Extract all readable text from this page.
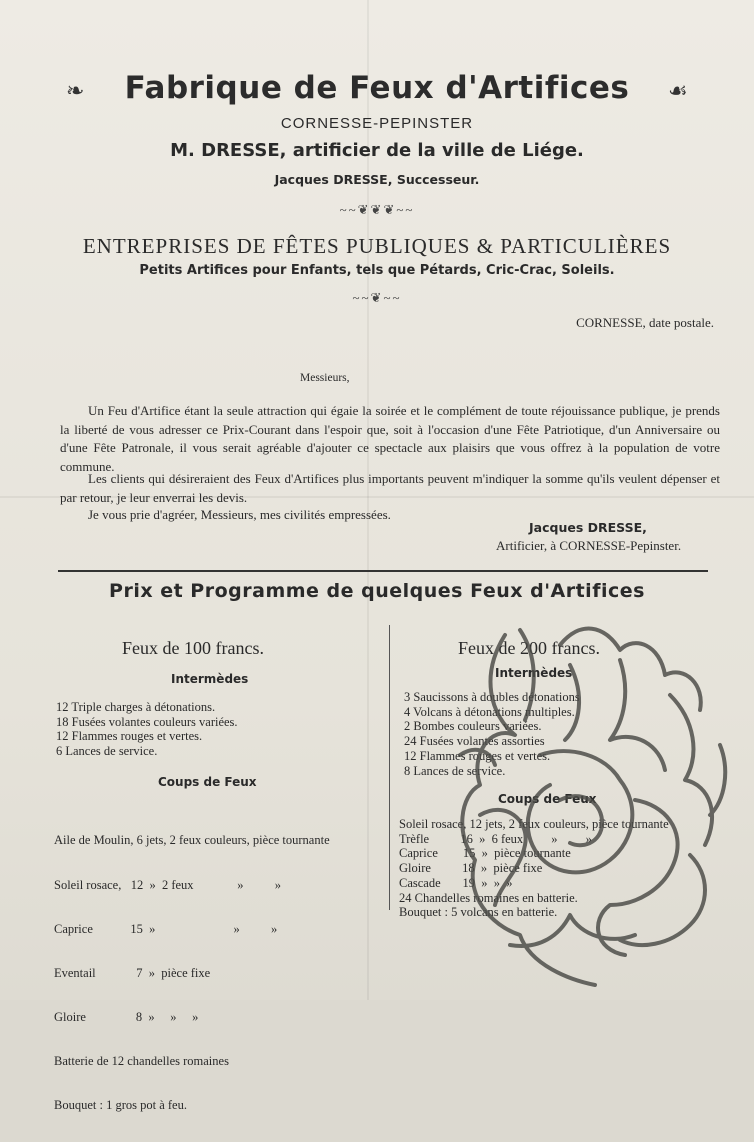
❧	☙
Fabrique de Feux d'Artifices
CORNESSE-PEPINSTER
M. DRESSE, artificier de la ville de Liége.
Jacques DRESSE, Successeur.
~~❦❦❦~~
ENTREPRISES DE FÊTES PUBLIQUES & PARTICULIÈRES
Petits Artifices pour Enfants, tels que Pétards, Cric-Crac, Soleils.
~~❦~~
CORNESSE, date postale.
Messieurs,
Un Feu d'Artifice étant la seule attraction qui égaie la soirée et le complément de toute réjouissance publique, je prends la liberté de vous adresser ce Prix-Courant dans l'espoir que, soit à l'occasion d'une Fête Patriotique, d'un Anniversaire ou d'une Fête Patronale, il vous serait agréable d'ajouter ce spectacle aux plaisirs que vous offrez à la population de votre commune.
Les clients qui désireraient des Feux d'Artifices plus importants peuvent m'indiquer la somme qu'ils veulent dépenser et par retour, je leur enverrai les devis.
Je vous prie d'agréer, Messieurs, mes civilités empressées.
Jacques DRESSE,
Artificier, à CORNESSE-Pepinster.
Prix et Programme de quelques Feux d'Artifices
Feux de 100 francs.
Intermèdes
12 Triple charges à détonations.
18 Fusées volantes couleurs variées.
12 Flammes rouges et vertes.
6 Lances de service.
Coups de Feux

Aile de Moulin, 6 jets, 2 feux couleurs, pièce tournante

Soleil rosace,   12  »  2 feux              »          »

Caprice            15  »                         »          »

Eventail             7  »  pièce fixe

Gloire                8  »     »     »

Batterie de 12 chandelles romaines

Bouquet : 1 gros pot à feu.

Feux de 200 francs.
Intermèdes
3 Saucissons à doubles détonations
4 Volcans à détonations multiples.
2 Bombes couleurs variées.
24 Fusées volantes assorties
12 Flammes rouges et vertes.
8 Lances de service.
Coups de Feux
Soleil rosace, 12 jets, 2 feux couleurs, pièce tournante
Trèfle          16  »  6 feux         »         »
Caprice        15  »  pièce tournante
Gloire          18  »  pièce fixe
Cascade       19  »  »  »
24 Chandelles romaines en batterie.
Bouquet : 5 volcans en batterie.
